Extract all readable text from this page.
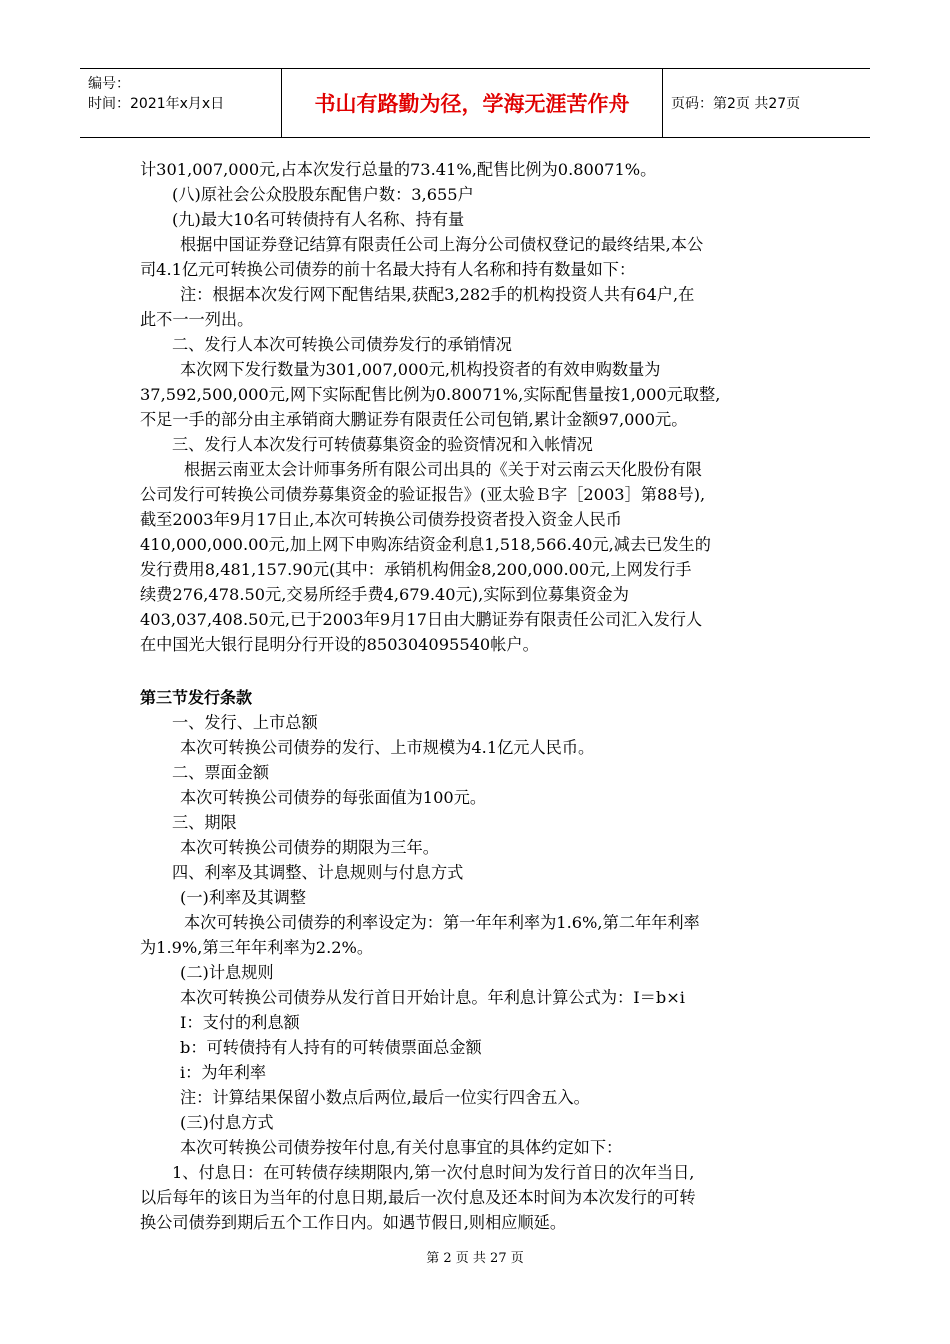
编号：
时间：2021年x月x日	书山有路勤为径，学海无涯苦作舟	页码：第2页 共27页

计301,007,000元,占本次发行总量的73.41%,配售比例为0.80071%。

(八)原社会公众股股东配售户数：3,655户

(九)最大10名可转债持有人名称、持有量

根据中国证券登记结算有限责任公司上海分公司债权登记的最终结果,本公

司4.1亿元可转换公司债券的前十名最大持有人名称和持有数量如下：

注：根据本次发行网下配售结果,获配3,282手的机构投资人共有64户,在

此不一一列出。

二、发行人本次可转换公司债券发行的承销情况

本次网下发行数量为301,007,000元,机构投资者的有效申购数量为

37,592,500,000元,网下实际配售比例为0.80071%,实际配售量按1,000元取整,

不足一手的部分由主承销商大鹏证券有限责任公司包销,累计金额97,000元。

三、发行人本次发行可转债募集资金的验资情况和入帐情况

根据云南亚太会计师事务所有限公司出具的《关于对云南云天化股份有限

公司发行可转换公司债券募集资金的验证报告》(亚太验Ｂ字［2003］第88号),

截至2003年9月17日止,本次可转换公司债券投资者投入资金人民币

410,000,000.00元,加上网下申购冻结资金利息1,518,566.40元,减去已发生的

发行费用8,481,157.90元(其中：承销机构佣金8,200,000.00元,上网发行手

续费276,478.50元,交易所经手费4,679.40元),实际到位募集资金为

403,037,408.50元,已于2003年9月17日由大鹏证券有限责任公司汇入发行人

在中国光大银行昆明分行开设的850304095540帐户。

第三节发行条款

一、发行、上市总额

本次可转换公司债券的发行、上市规模为4.1亿元人民币。

二、票面金额

本次可转换公司债券的每张面值为100元。

三、期限

本次可转换公司债券的期限为三年。

四、利率及其调整、计息规则与付息方式

(一)利率及其调整

本次可转换公司债券的利率设定为：第一年年利率为1.6%,第二年年利率

为1.9%,第三年年利率为2.2%。

(二)计息规则

本次可转换公司债券从发行首日开始计息。年利息计算公式为：I＝b×i

I：支付的利息额

b：可转债持有人持有的可转债票面总金额

i：为年利率

注：计算结果保留小数点后两位,最后一位实行四舍五入。

(三)付息方式

本次可转换公司债券按年付息,有关付息事宜的具体约定如下：

1、付息日：在可转债存续期限内,第一次付息时间为发行首日的次年当日,

以后每年的该日为当年的付息日期,最后一次付息及还本时间为本次发行的可转

换公司债券到期后五个工作日内。如遇节假日,则相应顺延。

第 2 页 共 27 页
